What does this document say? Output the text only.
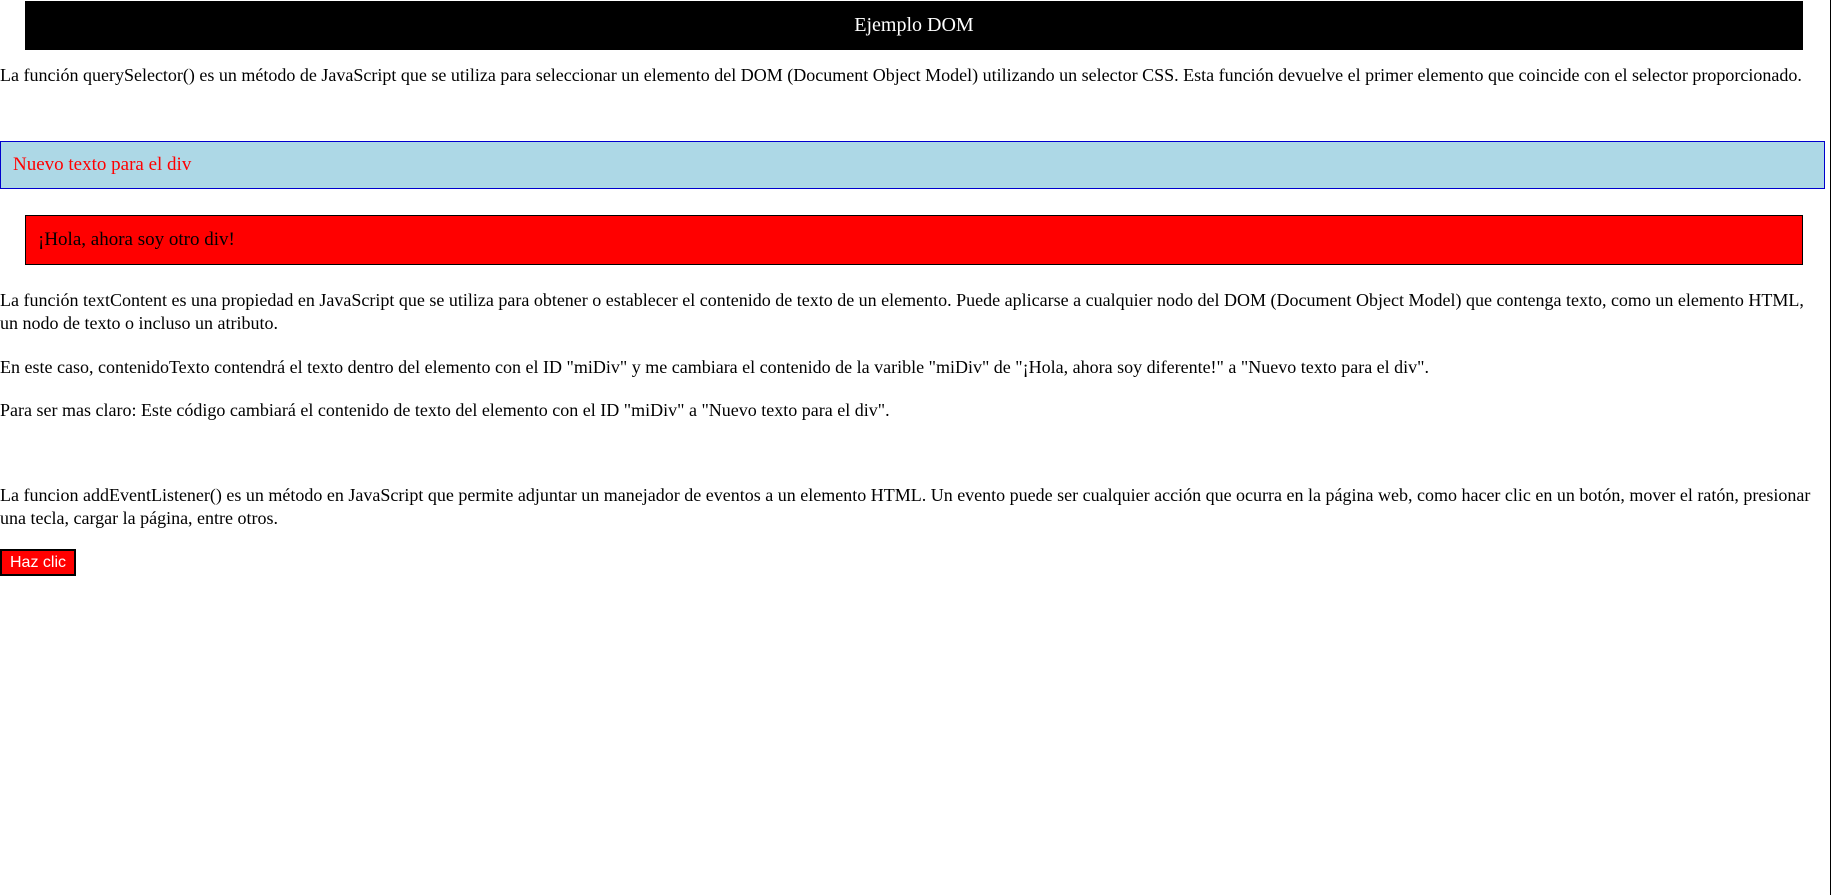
Ejemplo DOM

La función querySelector() es un método de JavaScript que se utiliza para seleccionar un elemento del DOM (Document Object Model) utilizando un selector CSS. Esta función devuelve el primer elemento que coincide con el selector proporcionado.

Nuevo texto para el div
¡Hola, ahora soy otro div!

La función textContent es una propiedad en JavaScript que se utiliza para obtener o establecer el contenido de texto de un elemento. Puede aplicarse a cualquier nodo del DOM (Document Object Model) que contenga texto, como un elemento HTML, un nodo de texto o incluso un atributo.

En este caso, contenidoTexto contendrá el texto dentro del elemento con el ID "miDiv" y me cambiara el contenido de la varible "miDiv" de "¡Hola, ahora soy diferente!" a "Nuevo texto para el div".

Para ser mas claro: Este código cambiará el contenido de texto del elemento con el ID "miDiv" a "Nuevo texto para el div".

La funcion addEventListener() es un método en JavaScript que permite adjuntar un manejador de eventos a un elemento HTML. Un evento puede ser cualquier acción que ocurra en la página web, como hacer clic en un botón, mover el ratón, presionar una tecla, cargar la página, entre otros.

Haz clic
